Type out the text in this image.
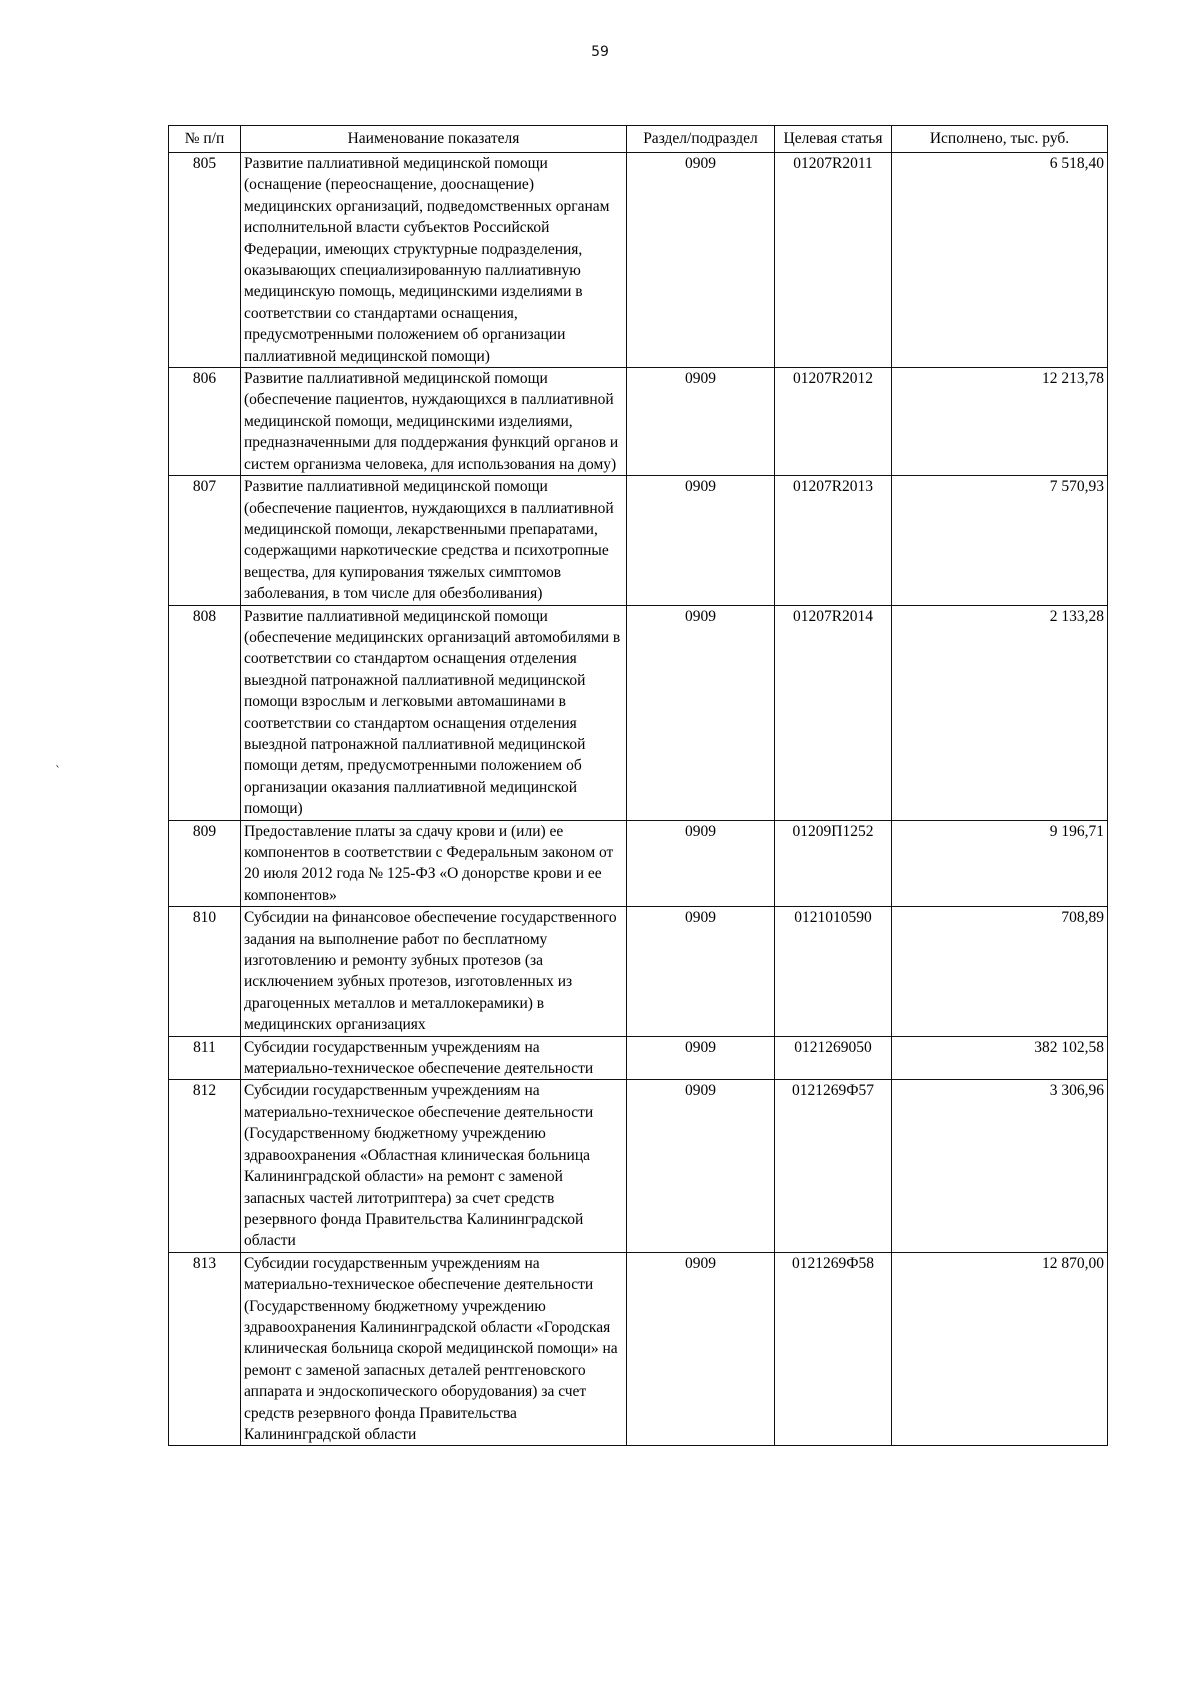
59
`
№ п/п	Наименование показателя	Раздел/подраздел	Целевая статья	Исполнено, тыс. руб.
805	Развитие паллиативной медицинской помощи (оснащение (переоснащение, дооснащение) медицинских организаций, подведомственных органам исполнительной власти субъектов Российской Федерации, имеющих структурные подразделения, оказывающих специализированную паллиативную медицинскую помощь, медицинскими изделиями в соответствии со стандартами оснащения, предусмотренными положением об организации паллиативной медицинской помощи)	0909	01207R2011	6 518,40
806	Развитие паллиативной медицинской помощи (обеспечение пациентов, нуждающихся в паллиативной медицинской помощи, медицинскими изделиями, предназначенными для поддержания функций органов и систем организма человека, для использования на дому)	0909	01207R2012	12 213,78
807	Развитие паллиативной медицинской помощи (обеспечение пациентов, нуждающихся в паллиативной медицинской помощи, лекарственными препаратами, содержащими наркотические средства и психотропные вещества, для купирования тяжелых симптомов заболевания, в том числе для обезболивания)	0909	01207R2013	7 570,93
808	Развитие паллиативной медицинской помощи (обеспечение медицинских организаций автомобилями в соответствии со стандартом оснащения отделения выездной патронажной паллиативной медицинской помощи взрослым и легковыми автомашинами в соответствии со стандартом оснащения отделения выездной патронажной паллиативной медицинской помощи детям, предусмотренными положением об организации оказания паллиативной медицинской помощи)	0909	01207R2014	2 133,28
809	Предоставление платы за сдачу крови и (или) ее компонентов в соответствии с Федеральным законом от 20 июля 2012 года № 125-ФЗ «О донорстве крови и ее компонентов»	0909	01209П1252	9 196,71
810	Субсидии на финансовое обеспечение государственного задания на выполнение работ по бесплатному изготовлению и ремонту зубных протезов (за исключением зубных протезов, изготовленных из драгоценных металлов и металлокерамики) в медицинских организациях	0909	0121010590	708,89
811	Субсидии государственным учреждениям на материально-техническое обеспечение деятельности	0909	0121269050	382 102,58
812	Субсидии государственным учреждениям на материально-техническое обеспечение деятельности (Государственному бюджетному учреждению здравоохранения «Областная клиническая больница Калининградской области» на ремонт с заменой запасных частей литотриптера) за счет средств резервного фонда Правительства Калининградской области	0909	0121269Ф57	3 306,96
813	Субсидии государственным учреждениям на материально-техническое обеспечение деятельности (Государственному бюджетному учреждению здравоохранения Калининградской области «Городская клиническая больница скорой медицинской помощи» на ремонт с заменой запасных деталей рентгеновского аппарата и эндоскопического оборудования) за счет средств резервного фонда Правительства Калининградской области	0909	0121269Ф58	12 870,00
